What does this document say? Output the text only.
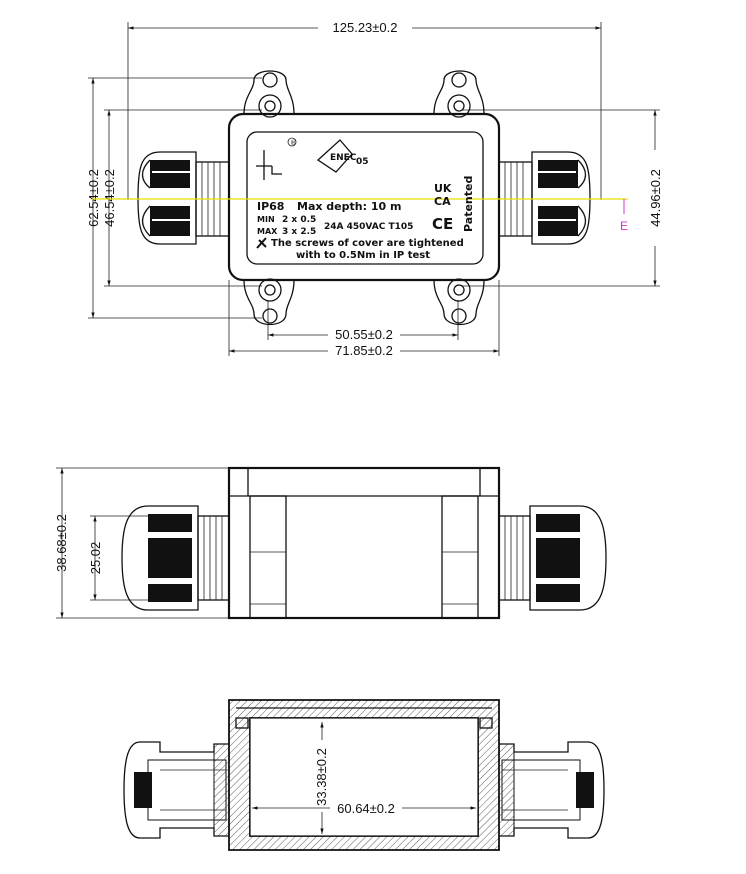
125.23±0.2
62.54±0.2 46.54±0.2	44.96±0.2
50.55±0.2
71.85±0.2
E
®
ENEC 05
IP68 Max depth: 10 m
MIN 2 x 0.5
MAX 3 x 2.5 24A 450VAC T105
UK
CA
CE Patented
The screws of cover are tightened
with to 0.5Nm in IP test
38.68±0.2 25.02
33.38±0.2
60.64±0.2
